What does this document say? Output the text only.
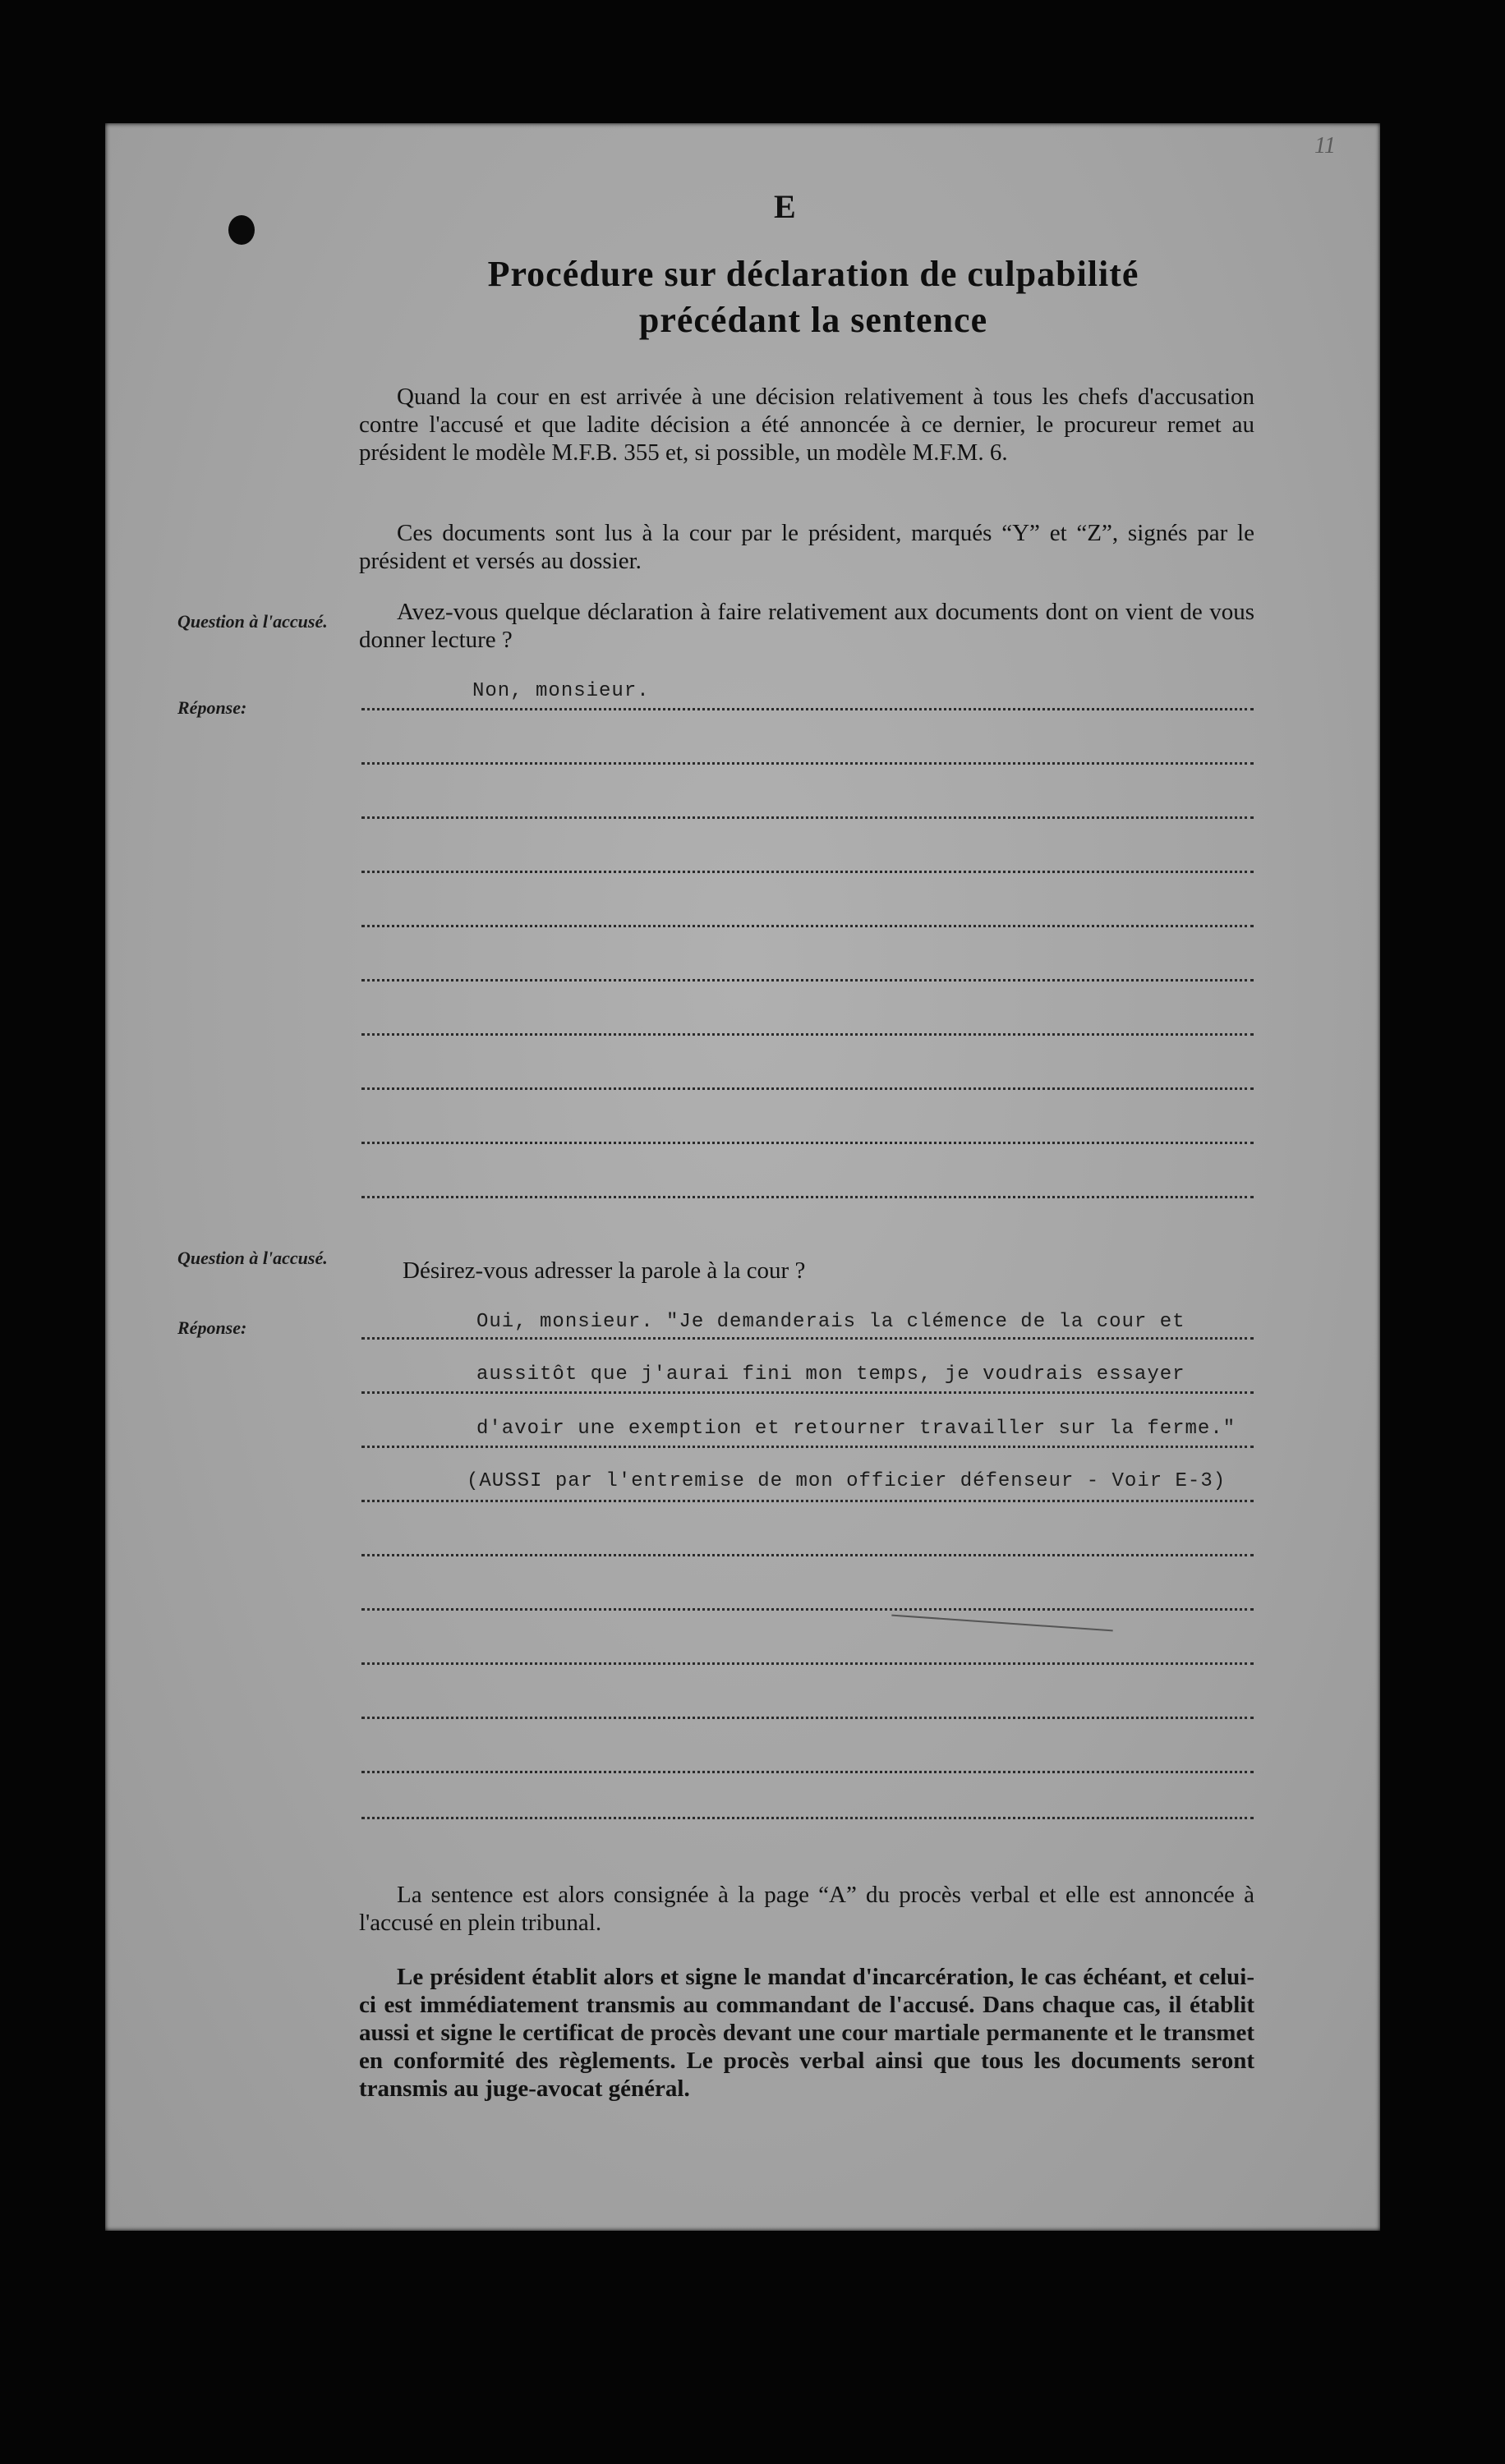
11
E
Procédure sur déclaration de culpabilité
précédant la sentence

Quand la cour en est arrivée à une décision relativement à tous les chefs d'accusation contre l'accusé et que ladite décision a été annoncée à ce dernier, le procureur remet au président le modèle M.F.B. 355 et, si possible, un modèle M.F.M. 6.

Ces documents sont lus à la cour par le président, marqués “Y” et “Z”, signés par le président et versés au dossier.

Question à l'accusé.	Avez-vous quelque déclaration à faire relativement aux documents dont on vient de vous donner lecture ?

Réponse:
Non, monsieur.
Question à l'accusé.	Désirez-vous adresser la parole à la cour ?
Réponse:	Oui, monsieur. "Je demanderais la clémence de la cour et
aussitôt que j'aurai fini mon temps, je voudrais essayer
d'avoir une exemption et retourner travailler sur la ferme."
(AUSSI par l'entremise de mon officier défenseur - Voir E-3)

La sentence est alors consignée à la page “A” du procès verbal et elle est annoncée à l'accusé en plein tribunal.

Le président établit alors et signe le mandat d'incarcération, le cas échéant, et celui-ci est immédiatement transmis au commandant de l'accusé. Dans chaque cas, il établit aussi et signe le certificat de procès devant une cour martiale permanente et le transmet en conformité des règlements. Le procès verbal ainsi que tous les documents seront transmis au juge-avocat général.
